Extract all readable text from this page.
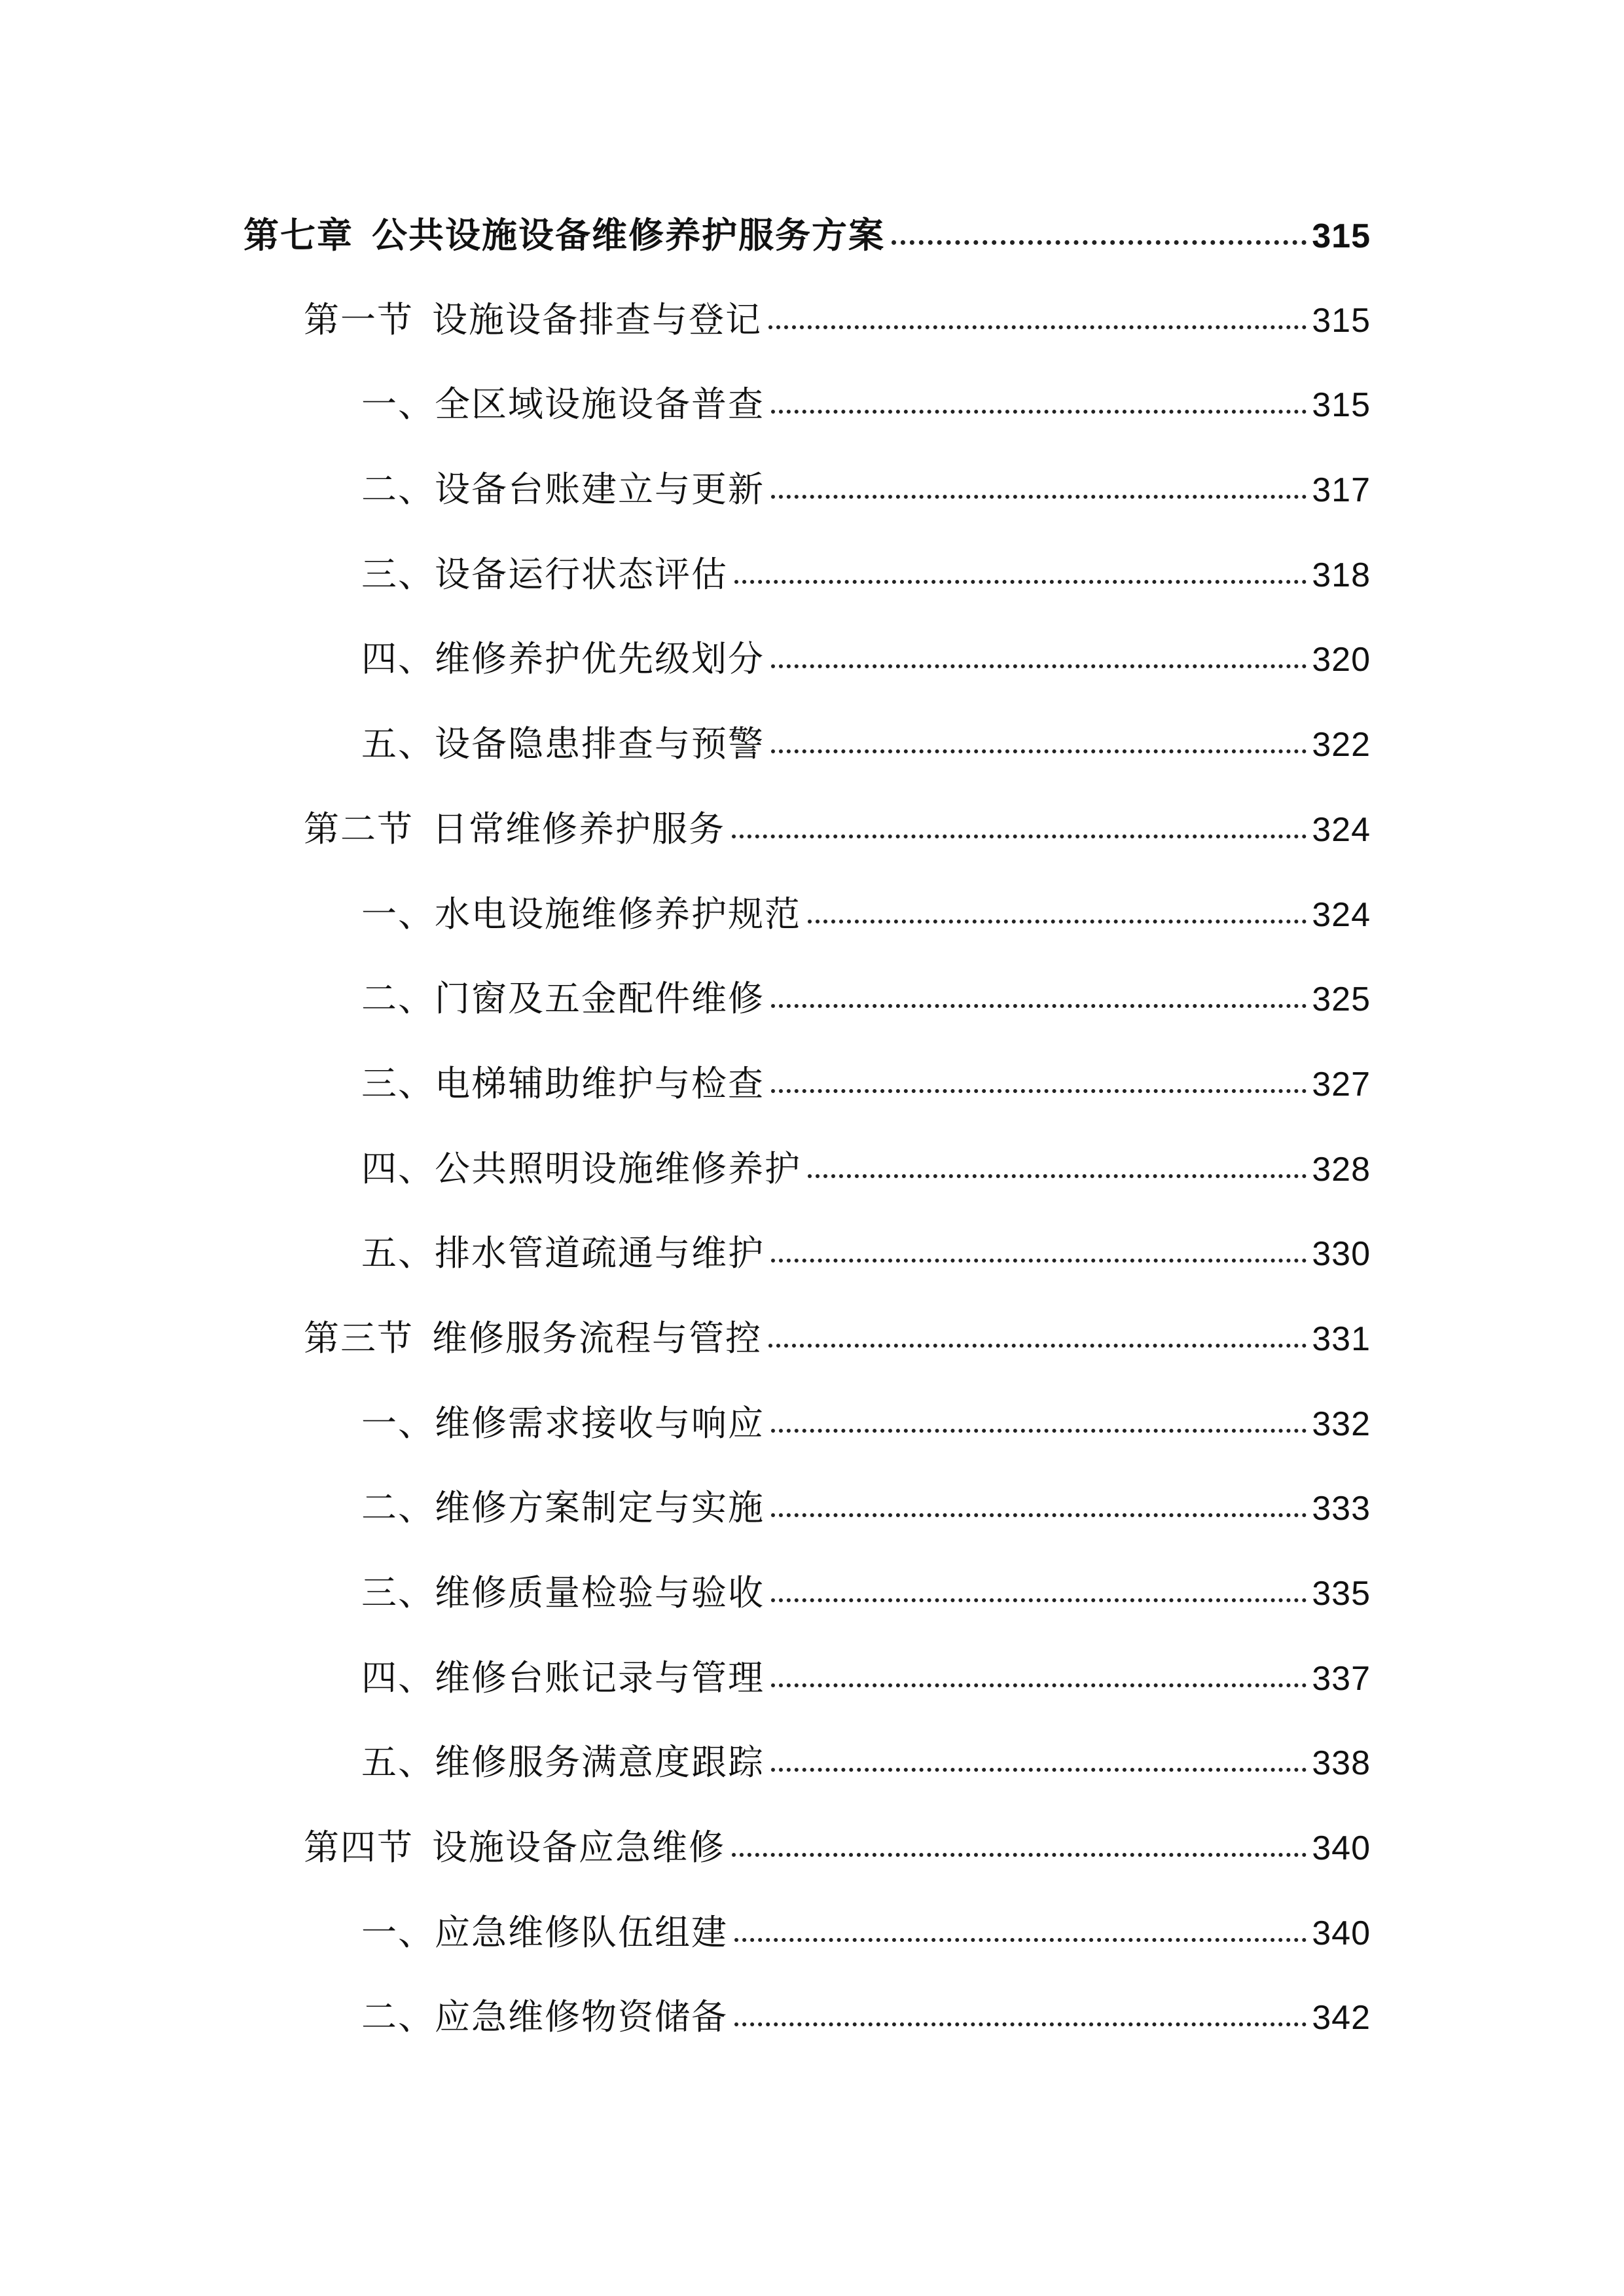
第七章 公共设施设备维修养护服务方案	315
第一节 设施设备排查与登记	315
一、全区域设施设备普查	315
二、设备台账建立与更新	317
三、设备运行状态评估	318
四、维修养护优先级划分	320
五、设备隐患排查与预警	322
第二节 日常维修养护服务	324
一、水电设施维修养护规范	324
二、门窗及五金配件维修	325
三、电梯辅助维护与检查	327
四、公共照明设施维修养护	328
五、排水管道疏通与维护	330
第三节 维修服务流程与管控	331
一、维修需求接收与响应	332
二、维修方案制定与实施	333
三、维修质量检验与验收	335
四、维修台账记录与管理	337
五、维修服务满意度跟踪	338
第四节 设施设备应急维修	340
一、应急维修队伍组建	340
二、应急维修物资储备	342
